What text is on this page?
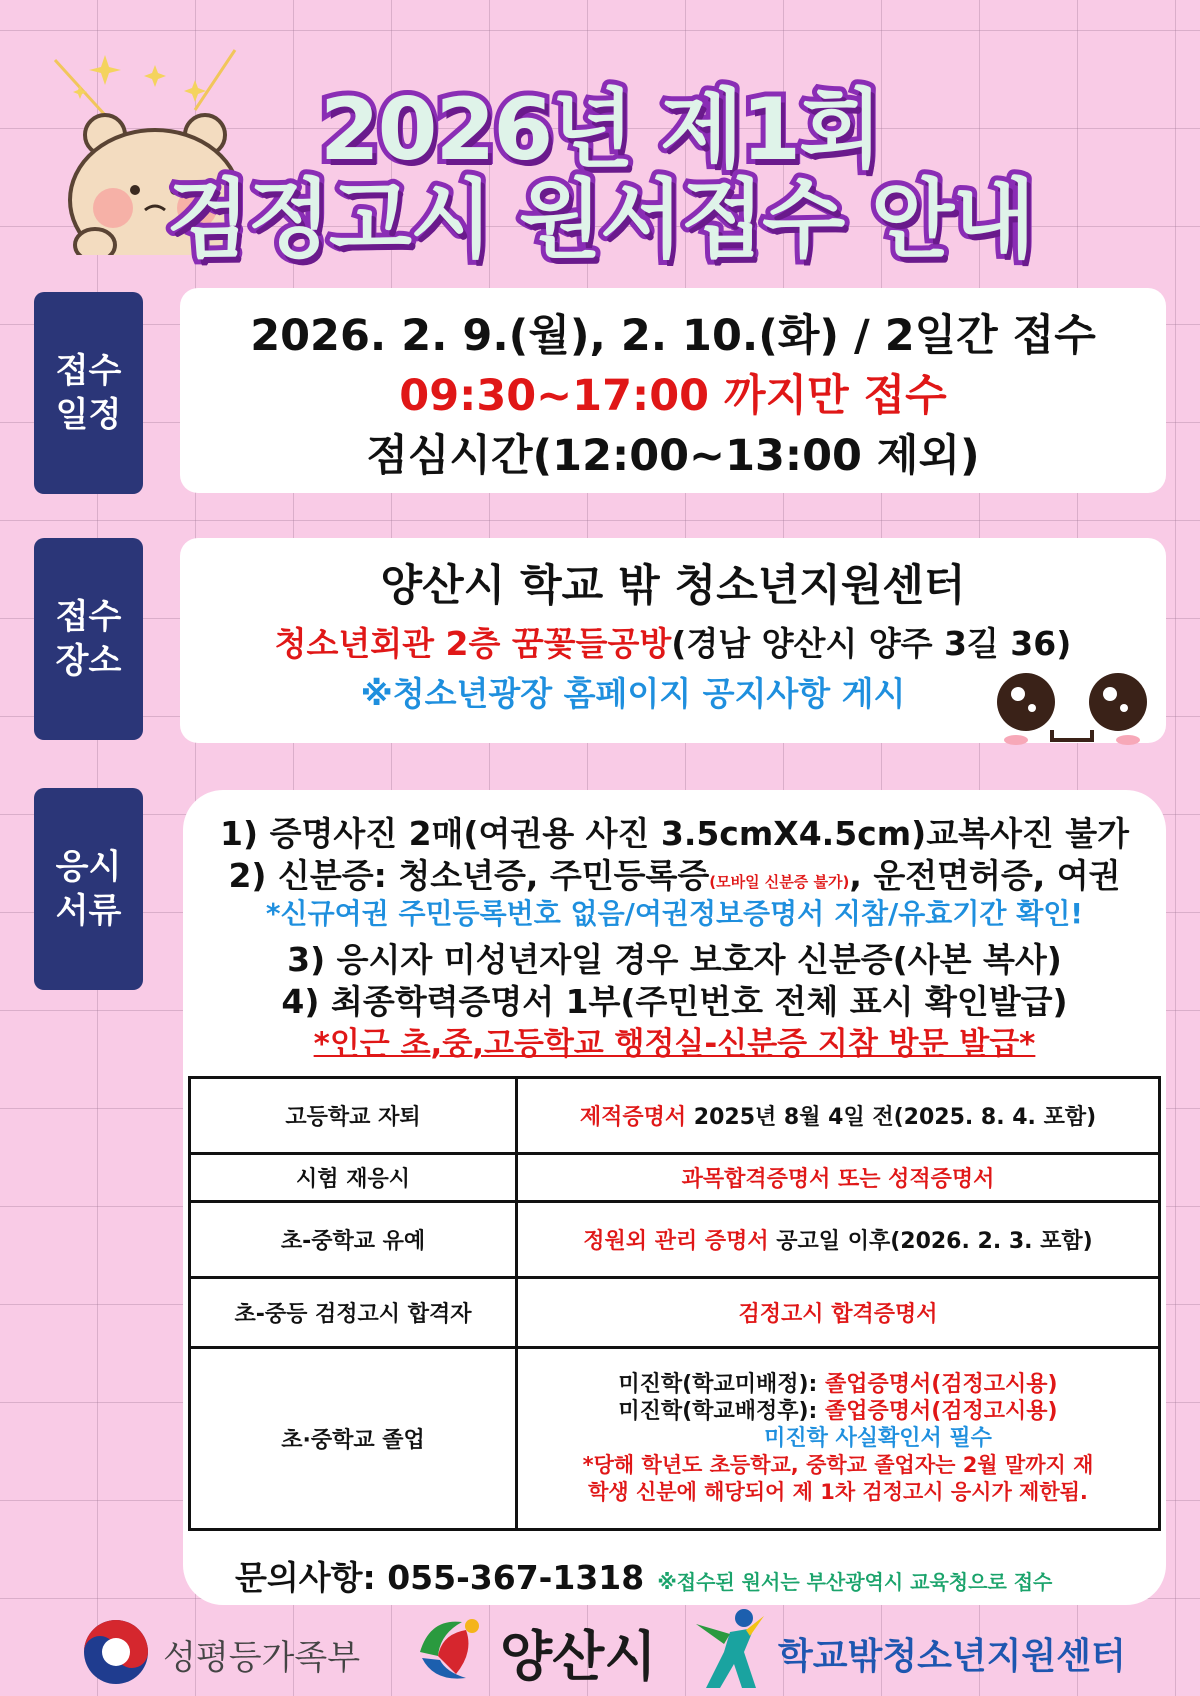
2026년 제1회
검정고시 원서접수 안내
접수
일정
2026. 2. 9.(월), 2. 10.(화) / 2일간 접수
09:30~17:00 까지만 접수
점심시간(12:00~13:00 제외)
접수
장소
양산시 학교 밖 청소년지원센터
청소년회관 2층 꿈꽃들공방(경남 양산시 양주 3길 36)
※청소년광장 홈페이지 공지사항 게시
응시
서류
1) 증명사진 2매(여권용 사진 3.5cmX4.5cm)교복사진 불가
2) 신분증: 청소년증, 주민등록증(모바일 신분증 불가), 운전면허증, 여권
*신규여권 주민등록번호 없음/여권정보증명서 지참/유효기간 확인!
3) 응시자 미성년자일 경우 보호자 신분증(사본 복사)
4) 최종학력증명서 1부(주민번호 전체 표시 확인발급)
*인근 초,중,고등학교 행정실-신분증 지참 방문 발급*
고등학교 자퇴	제적증명서 2025년 8월 4일 전(2025. 8. 4. 포함)
시험 재응시	과목합격증명서 또는 성적증명서
초-중학교 유예	정원외 관리 증명서 공고일 이후(2026. 2. 3. 포함)
초-중등 검정고시 합격자	검정고시 합격증명서
초·중학교 졸업	미진학(학교미배정): 졸업증명서(검정고시용)
미진학(학교배정후): 졸업증명서(검정고시용)
미진학 사실확인서 필수
*당해 학년도 초등학교, 중학교 졸업자는 2월 말까지 재
학생 신분에 해당되어 제 1차 검정고시 응시가 제한됨.
문의사항: 055-367-1318 ※접수된 원서는 부산광역시 교육청으로 접수
성평등가족부	양산시	학교밖청소년지원센터
